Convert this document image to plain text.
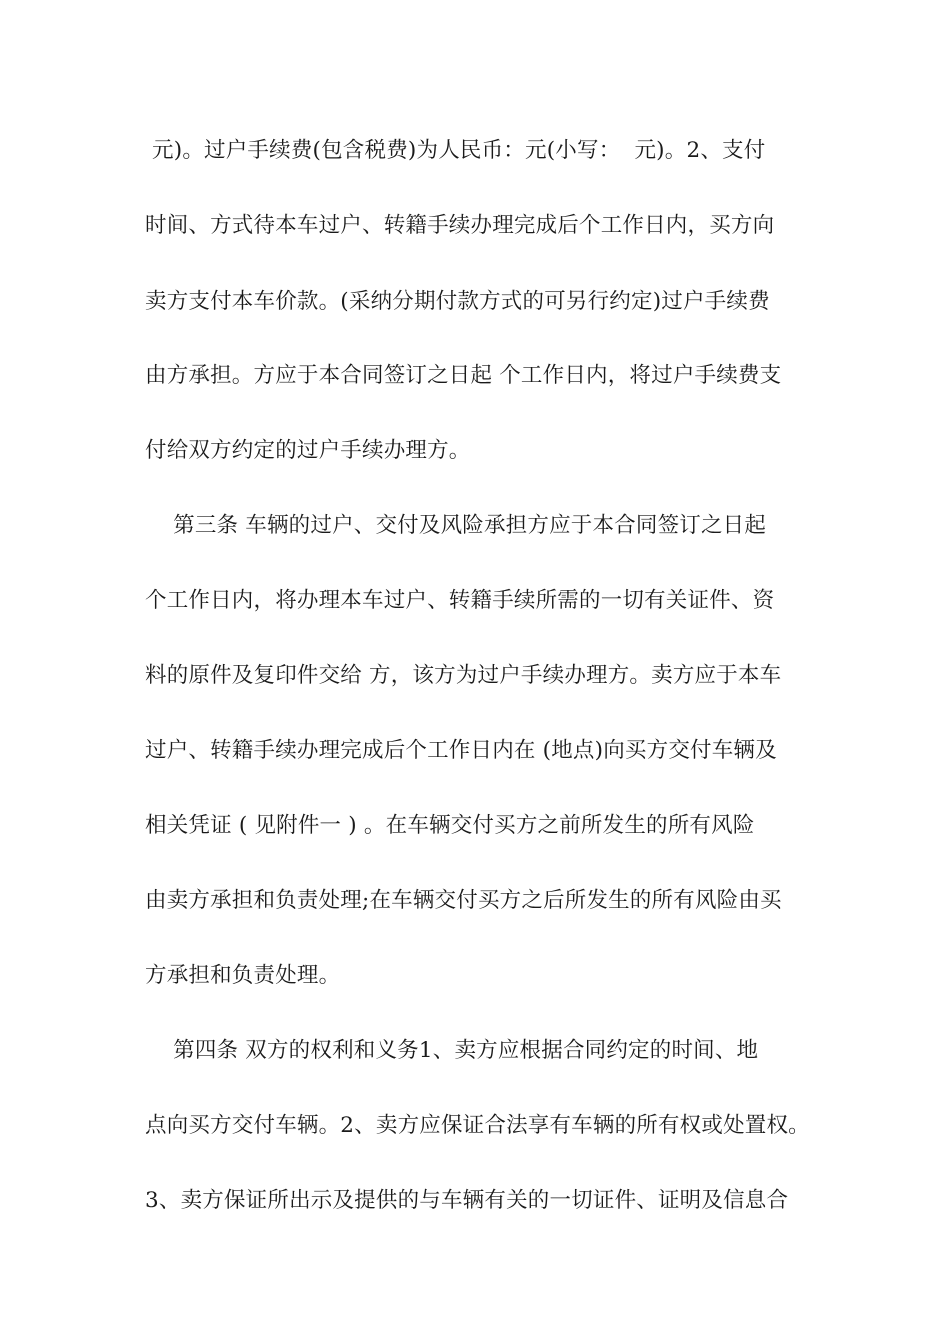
元)。过户手续费(包含税费)为人民币：元(小写：  元)。2、支付
时间、方式待本车过户、转籍手续办理完成后个工作日内，买方向
卖方支付本车价款。(采纳分期付款方式的可另行约定)过户手续费
由方承担。方应于本合同签订之日起 个工作日内，将过户手续费支
付给双方约定的过户手续办理方。
第三条 车辆的过户、交付及风险承担方应于本合同签订之日起
个工作日内，将办理本车过户、转籍手续所需的一切有关证件、资
料的原件及复印件交给 方，该方为过户手续办理方。卖方应于本车
过户、转籍手续办理完成后个工作日内在 (地点)向买方交付车辆及
相关凭证 ( 见附件一 ) 。在车辆交付买方之前所发生的所有风险
由卖方承担和负责处理;在车辆交付买方之后所发生的所有风险由买
方承担和负责处理。
第四条 双方的权利和义务1、卖方应根据合同约定的时间、地
点向买方交付车辆。2、卖方应保证合法享有车辆的所有权或处置权。
3、卖方保证所出示及提供的与车辆有关的一切证件、证明及信息合
